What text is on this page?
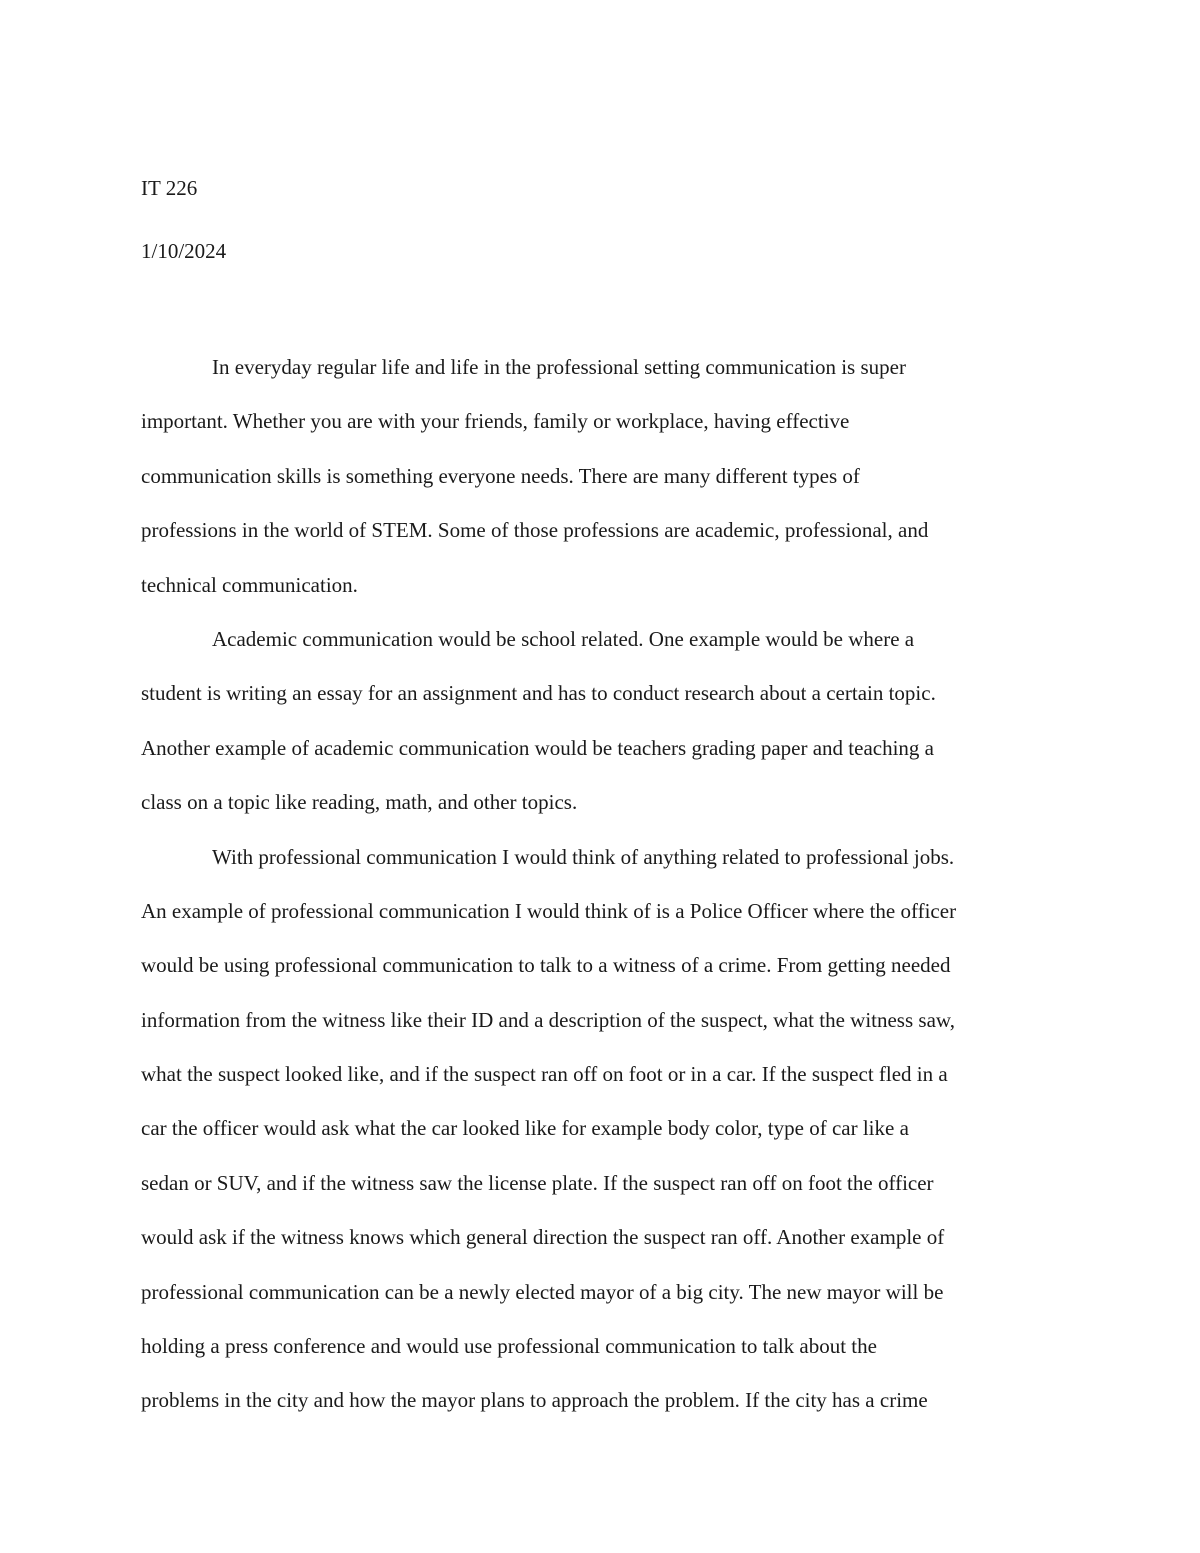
IT 226
1/10/2024
In everyday regular life and life in the professional setting communication is super
important. Whether you are with your friends, family or workplace, having effective
communication skills is something everyone needs. There are many different types of
professions in the world of STEM. Some of those professions are academic, professional, and
technical communication.
Academic communication would be school related. One example would be where a
student is writing an essay for an assignment and has to conduct research about a certain topic.
Another example of academic communication would be teachers grading paper and teaching a
class on a topic like reading, math, and other topics.
With professional communication I would think of anything related to professional jobs.
An example of professional communication I would think of is a Police Officer where the officer
would be using professional communication to talk to a witness of a crime. From getting needed
information from the witness like their ID and a description of the suspect, what the witness saw,
what the suspect looked like, and if the suspect ran off on foot or in a car. If the suspect fled in a
car the officer would ask what the car looked like for example body color, type of car like a
sedan or SUV, and if the witness saw the license plate. If the suspect ran off on foot the officer
would ask if the witness knows which general direction the suspect ran off. Another example of
professional communication can be a newly elected mayor of a big city. The new mayor will be
holding a press conference and would use professional communication to talk about the
problems in the city and how the mayor plans to approach the problem. If the city has a crime
